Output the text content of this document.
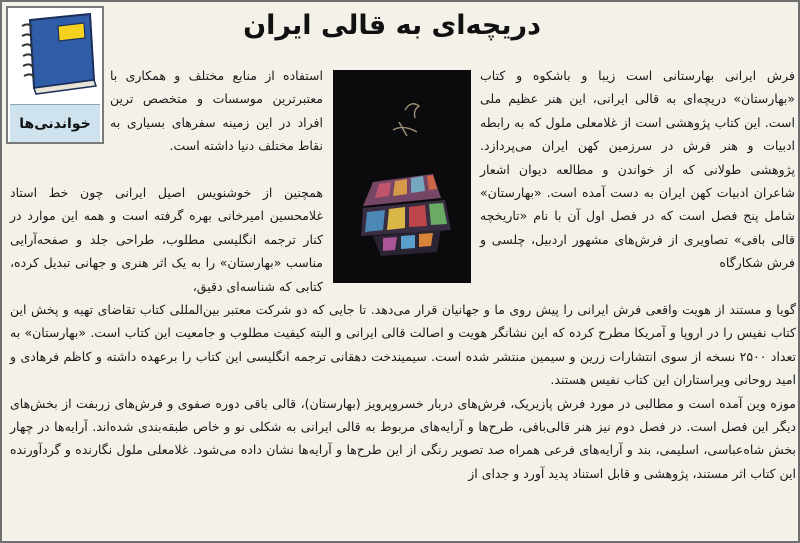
خواندنی‌ها
دریچه‌ای به قالی ایران
فرش ایرانی بهارستانی است زیبا و باشکوه و کتاب «بهارستان» دریچه‌ای به قالی ایرانی، این هنر عظیم ملی است. این کتاب پژوهشی است از غلامعلی ملول که به رابطه ادبیات و هنر فرش در سرزمین کهن ایران می‌پردازد. پژوهشی طولانی که از خواندن و مطالعه دیوان اشعار شاعران ادبیات کهن ایران به دست آمده است. «بهارستان» شامل پنج فصل است که در فصل اول آن با نام «تاریخچه قالی بافی» تصاویری از فرش‌های مشهور اردبیل، چلسی و فرش شکارگاه
استفاده از منابع مختلف و همکاری با معتبرترین موسسات و متخصص ترین افراد در این زمینه سفرهای بسیاری به نقاط مختلف دنیا داشته است.
همچنین از خوشنویس اصیل ایرانی چون خط استاد غلامحسین امیرخانی بهره گرفته است و همه این موارد در کنار ترجمه انگلیسی مطلوب، طراحی جلد و صفحه‌آرایی مناسب «بهارستان» را به یک اثر هنری و جهانی تبدیل کرده، کتابی که شناسه‌ای دقیق،
گویا و مستند از هویت واقعی فرش ایرانی را پیش روی ما و جهانیان قرار می‌دهد. تا جایی که دو شرکت معتبر بین‌المللی کتاب تقاضای تهیه و پخش این کتاب نفیس را در اروپا و آمریکا مطرح کرده که این نشانگر هویت و اصالت قالی ایرانی و البته کیفیت مطلوب و جامعیت این کتاب است. «بهارستان» به تعداد ۲۵۰۰ نسخه از سوی انتشارات زرین و سیمین منتشر شده است. سیمیندخت دهقانی ترجمه انگلیسی این کتاب را برعهده داشته و کاظم فرهادی و امید روحانی ویراستاران این کتاب نفیس هستند.
موزه وین آمده است و مطالبی در مورد فرش پازیریک، فرش‌های دربار خسروپرویز (بهارستان)، قالی باقی دوره صفوی و فرش‌های زربفت از بخش‌های دیگر این فصل است. در فصل دوم نیز هنر قالی‌بافی، طرح‌ها و آرایه‌های مربوط به قالی ایرانی به شکلی نو و خاص طبقه‌بندی شده‌اند. آرایه‌ها در چهار بخش شاه‌عباسی، اسلیمی، بند و آرایه‌های فرعی همراه صد تصویر رنگی از این طرح‌ها و آرایه‌ها نشان داده می‌شود. غلامعلی ملول نگارنده و گردآورنده این کتاب اثر مستند، پژوهشی و قابل استناد پدید آورد و جدای از
